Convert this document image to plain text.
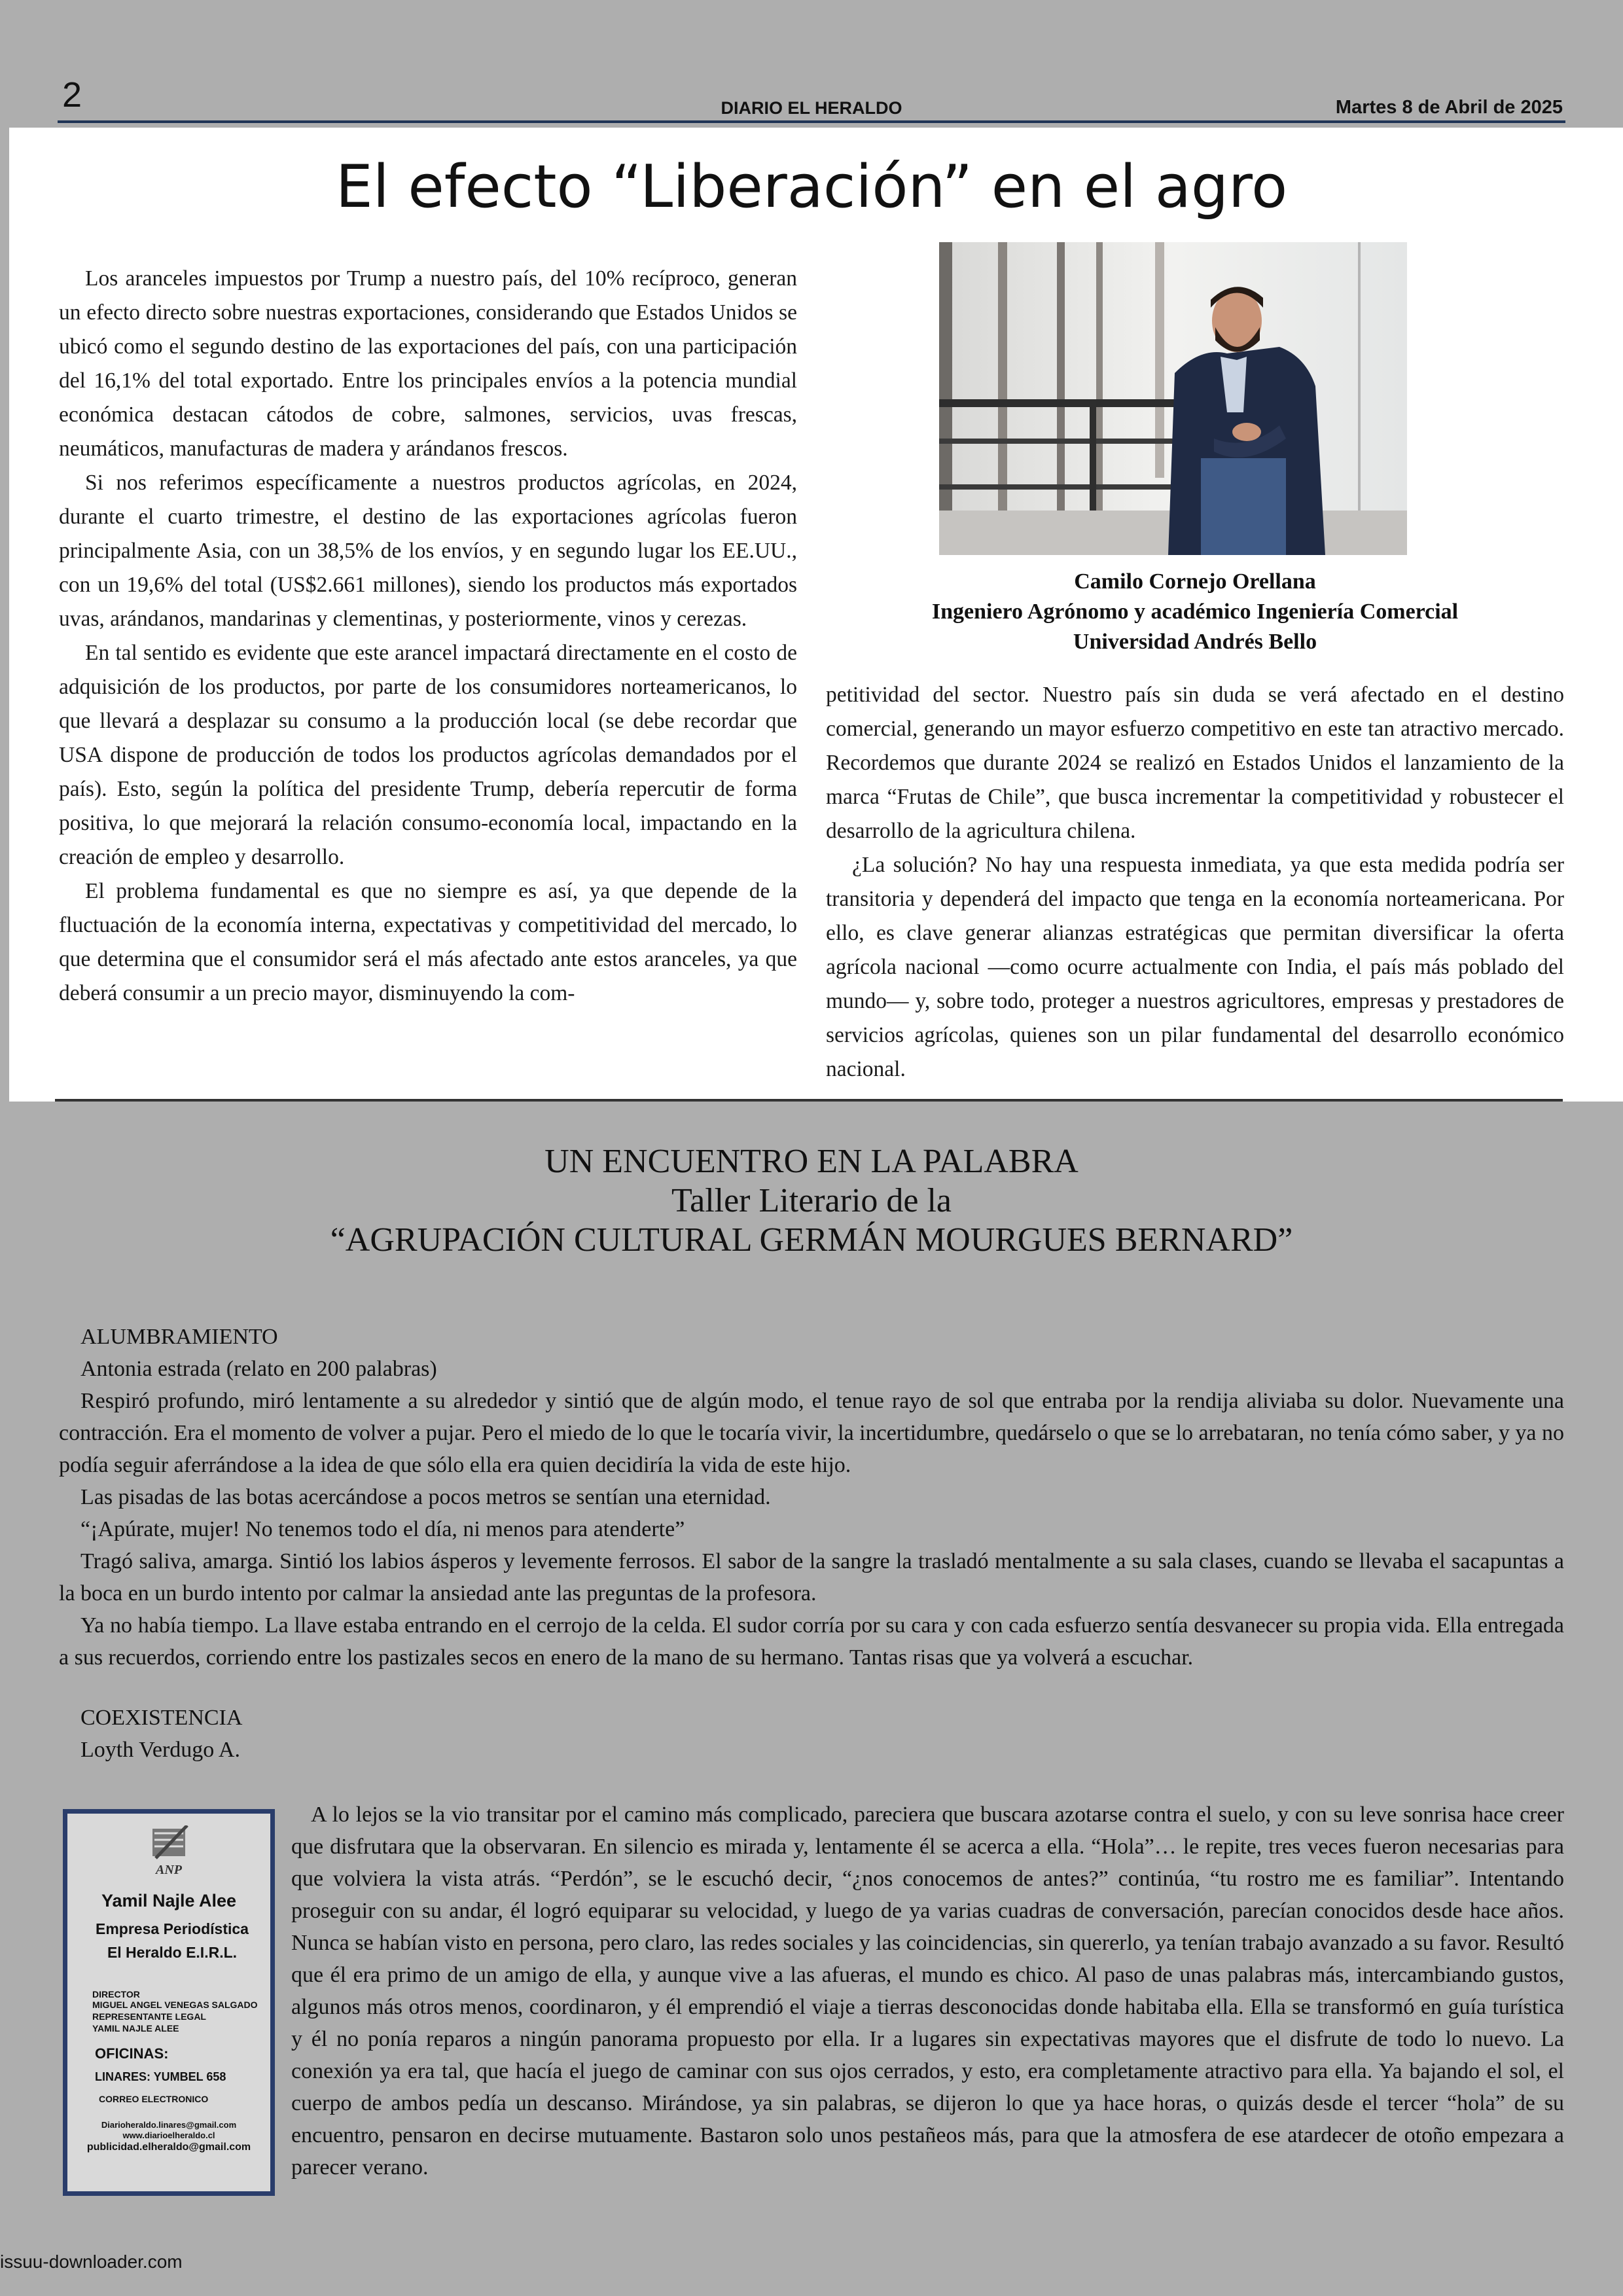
2	DIARIO EL HERALDO	Martes 8 de Abril de 2025
El efecto “Liberación” en el agro

Los aranceles impuestos por Trump a nuestro país, del 10% recíproco, generan un efecto directo sobre nuestras exportaciones, considerando que Estados Unidos se ubicó como el segundo destino de las exportaciones del país, con una participación del 16,1% del total exportado. Entre los principales envíos a la potencia mundial económica destacan cátodos de cobre, salmones, servicios, uvas frescas, neumáticos, manufacturas de madera y arándanos frescos.

Si nos referimos específicamente a nuestros productos agrícolas, en 2024, durante el cuarto trimestre, el destino de las exportaciones agrícolas fueron principalmente Asia, con un 38,5% de los envíos, y en segundo lugar los EE.UU., con un 19,6% del total (US$2.661 millones), siendo los productos más exportados uvas, arándanos, mandarinas y clementinas, y posteriormente, vinos y cerezas.

En tal sentido es evidente que este arancel impactará directamente en el costo de adquisición de los productos, por parte de los consumidores norteamericanos, lo que llevará a desplazar su consumo a la producción local (se debe recordar que USA dispone de producción de todos los productos agrícolas demandados por el país). Esto, según la política del presidente Trump, debería repercutir de forma positiva, lo que mejorará la relación consumo-economía local, impactando en la creación de empleo y desarrollo.

El problema fundamental es que no siempre es así, ya que depende de la fluctuación de la economía interna, expectativas y competitividad del mercado, lo que determina que el consumidor será el más afectado ante estos aranceles, ya que deberá consumir a un precio mayor, disminuyendo la com-

Camilo Cornejo Orellana
Ingeniero Agrónomo y académico Ingeniería Comercial
Universidad Andrés Bello

petitividad del sector. Nuestro país sin duda se verá afectado en el destino comercial, generando un mayor esfuerzo competitivo en este tan atractivo mercado. Recordemos que durante 2024 se realizó en Estados Unidos el lanzamiento de la marca “Frutas de Chile”, que busca incrementar la competitividad y robustecer el desarrollo de la agricultura chilena.

¿La solución? No hay una respuesta inmediata, ya que esta medida podría ser transitoria y dependerá del impacto que tenga en la economía norteamericana. Por ello, es clave generar alianzas estratégicas que permitan diversificar la oferta agrícola nacional —como ocurre actualmente con India, el país más poblado del mundo— y, sobre todo, proteger a nuestros agricultores, empresas y prestadores de servicios agrícolas, quienes son un pilar fundamental del desarrollo económico nacional.

UN ENCUENTRO EN LA PALABRA
Taller Literario de la
“AGRUPACIÓN CULTURAL GERMÁN MOURGUES BERNARD”

ALUMBRAMIENTO

Antonia estrada (relato en 200 palabras)

Respiró profundo, miró lentamente a su alrededor y sintió que de algún modo, el tenue rayo de sol que entraba por la rendija aliviaba su dolor. Nuevamente una contracción. Era el momento de volver a pujar. Pero el miedo de lo que le tocaría vivir, la incertidumbre, quedárselo o que se lo arrebataran, no tenía cómo saber, y ya no podía seguir aferrándose a la idea de que sólo ella era quien decidiría la vida de este hijo.

Las pisadas de las botas acercándose a pocos metros se sentían una eternidad.

“¡Apúrate, mujer! No tenemos todo el día, ni menos para atenderte”

Tragó saliva, amarga. Sintió los labios ásperos y levemente ferrosos. El sabor de la sangre la trasladó mentalmente a su sala clases, cuando se llevaba el sacapuntas a la boca en un burdo intento por calmar la ansiedad ante las preguntas de la profesora.

Ya no había tiempo. La llave estaba entrando en el cerrojo de la celda. El sudor corría por su cara y con cada esfuerzo sentía desvanecer su propia vida. Ella entregada a sus recuerdos, corriendo entre los pastizales secos en enero de la mano de su hermano. Tantas risas que ya volverá a escuchar.

COEXISTENCIA

Loyth Verdugo A.

A lo lejos se la vio transitar por el camino más complicado, pareciera que buscara azotarse contra el suelo, y con su leve sonrisa hace creer que disfrutara que la observaran. En silencio es mirada y, lentamente él se acerca a ella. “Hola”… le repite, tres veces fueron necesarias para que volviera la vista atrás. “Perdón”, se le escuchó decir, “¿nos conocemos de antes?” continúa, “tu rostro me es familiar”. Intentando proseguir con su andar, él logró equiparar su velocidad, y luego de ya varias cuadras de conversación, parecían conocidos desde hace años. Nunca se habían visto en persona, pero claro, las redes sociales y las coincidencias, sin quererlo, ya tenían trabajo avanzado a su favor. Resultó que él era primo de un amigo de ella, y aunque vive a las afueras, el mundo es chico. Al paso de unas palabras más, intercambiando gustos, algunos más otros menos, coordinaron, y él emprendió el viaje a tierras desconocidas donde habitaba ella. Ella se transformó en guía turística y él no ponía reparos a ningún panorama propuesto por ella. Ir a lugares sin expectativas mayores que el disfrute de todo lo nuevo. La conexión ya era tal, que hacía el juego de caminar con sus ojos cerrados, y esto, era completamente atractivo para ella. Ya bajando el sol, el cuerpo de ambos pedía un descanso. Mirándose, ya sin palabras, se dijeron lo que ya hace horas, o quizás desde el tercer “hola” de su encuentro, pensaron en decirse mutuamente. Bastaron solo unos pestañeos más, para que la atmosfera de ese atardecer de otoño empezara a parecer verano.

ANP
Yamil Najle Alee
Empresa Periodística
El Heraldo E.I.R.L.
DIRECTOR
MIGUEL ANGEL VENEGAS SALGADO
REPRESENTANTE LEGAL
YAMIL NAJLE ALEE
OFICINAS:
LINARES: YUMBEL 658
CORREO ELECTRONICO
Diarioheraldo.linares@gmail.com
www.diarioelheraldo.cl
publicidad.elheraldo@gmail.com
issuu-downloader.com
